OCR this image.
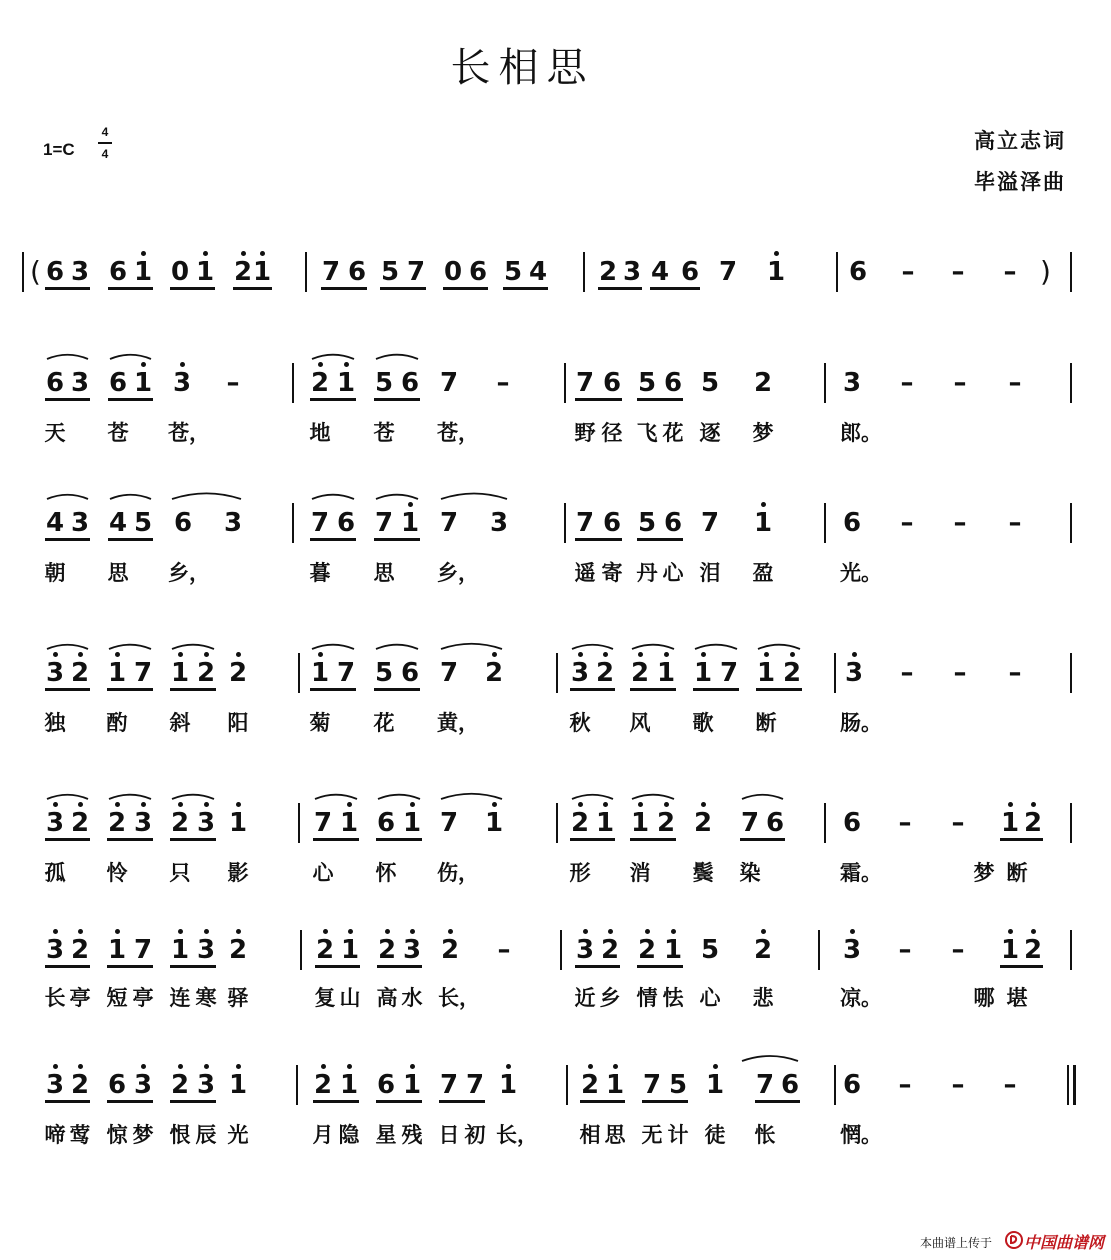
长相思
1=C
4
4
高立志词
毕溢泽曲
6 3 6 1 0 1 2 1 7 6 5 7 0 6 5 4 2 3 4 6 7 1 6 – – –
(	)
6 3 6 1 3 –	2 1 5 6 7 –	7 6 5 6 5 2	3 – – –
天 苍 苍，	地 苍 苍，	野 径 飞 花 逐 梦	郎。
4 3 4 5 6 3	7 6 7 1 7 3	7 6 5 6 7 1	6 – – –
朝 思 乡，	暮 思 乡，	遥 寄 丹 心 泪 盈	光。
3 2 1 7 1 2 2 1 7 5 6 7 2	3 2 2 1 1 7 1 2 3 – – –
独 酌 斜 阳	菊 花 黄，	秋 风 歌 断	肠。
3 2 2 3 2 3 1	7 1 6 1 7 1	2 1 1 2 2 7 6 6 – – 1 2
孤 怜 只 影	心 怀 伤，	形 消 鬓 染	霜。	梦 断
3 2 1 7 1 3 2	2 1 2 3 2 –	3 2 2 1 5 2	3 – – 1 2
长 亭 短 亭 连 寒 驿	复 山 高 水 长，	近 乡 情 怯 心 悲	凉。	哪 堪
3 2 6 3 2 3 1	2 1 6 1 7 7 1 2 1 7 5 1 7 6 6 – – –
啼 莺 惊 梦 恨 辰 光	月 隐 星 残 日 初 长， 相 思 无 计 徒 怅	惘。
本曲谱上传于 中国曲谱网
